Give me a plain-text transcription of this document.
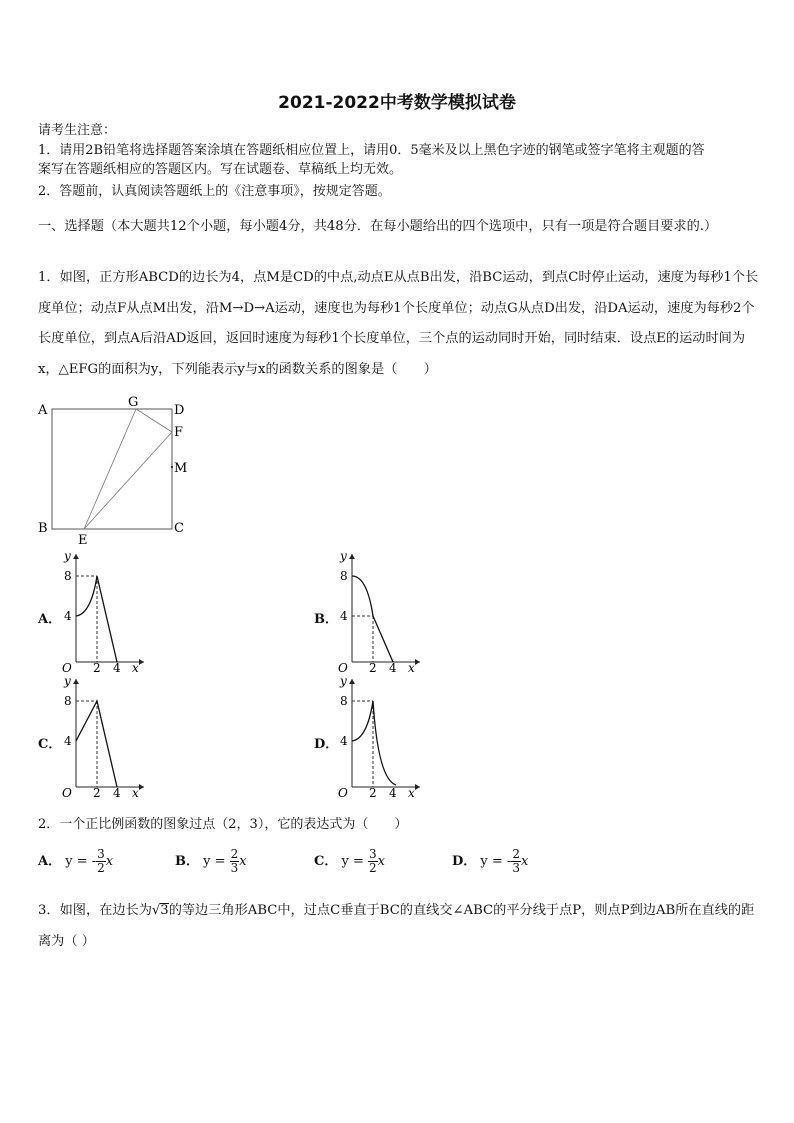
2021-2022中考数学模拟试卷
请考生注意：
1．请用2B铅笔将选择题答案涂填在答题纸相应位置上，请用0．5毫米及以上黑色字迹的钢笔或签字笔将主观题的答
案写在答题纸相应的答题区内。写在试题卷、草稿纸上均无效。
2．答题前，认真阅读答题纸上的《注意事项》，按规定答题。
一、选择题（本大题共12个小题，每小题4分，共48分．在每小题给出的四个选项中，只有一项是符合题目要求的.）
1．如图，正方形ABCD的边长为4，点M是CD的中点,动点E从点B出发，沿BC运动，到点C时停止运动，速度为每秒1个长度单位；动点F从点M出发，沿M→D→A运动，速度也为每秒1个长度单位；动点G从点D出发，沿DA运动，速度为每秒2个长度单位，到点A后沿AD返回，返回时速度为每秒1个长度单位，三个点的运动同时开始，同时结束．设点E的运动时间为x，△EFG的面积为y，下列能表示y与x的函数关系的图象是（　　）
A
G
D
F
M
B	C
E
A．
y
8
4
O 2 4 x
B．
y
8
4
O 2 4 x
C．
y
8
4
O 2 4 x
D．
y
8
4
O 2 4 x
2．一个正比例函数的图象过点（2，3），它的表达式为（　　）
A． y = - $\frac{3}{2}$ x	B． $y = \frac{2}{3}$ x	C． $y = \frac{3}{2}$ x	D． y = - $\frac{2}{3}$ x
3．如图，在边长为√3的等边三角形ABC中，过点C垂直于BC的直线交∠ABC的平分线于点P，则点P到边AB所在直线的距离为（ ）
